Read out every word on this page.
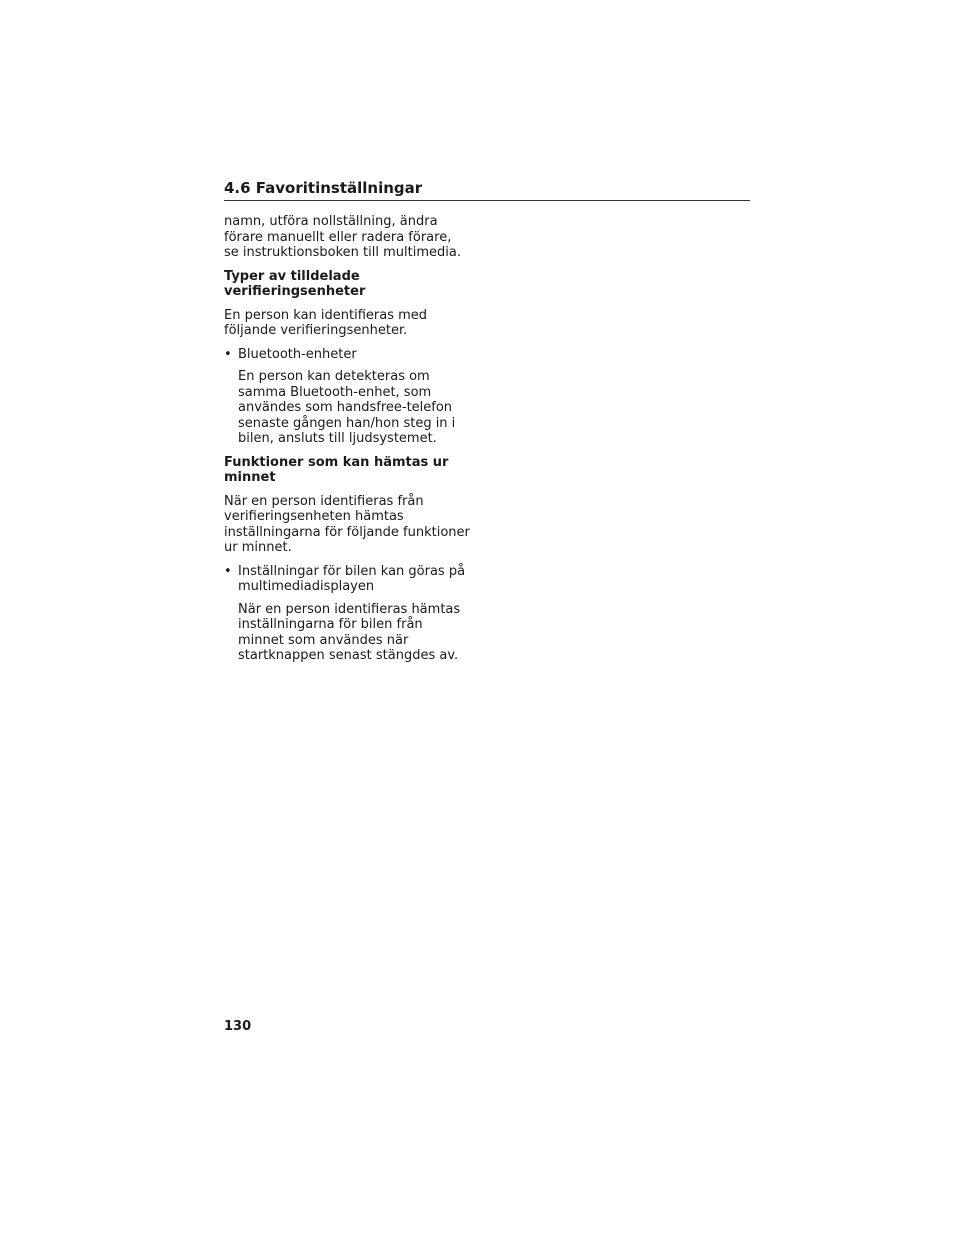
4.6 Favoritinställningar

namn, utföra nollställning, ändra förare manuellt eller radera förare, se instruktionsboken till multimedia.

Typer av tilldelade verifieringsenheter

En person kan identifieras med följande verifieringsenheter.

• Bluetooth-enheter

En person kan detekteras om samma Bluetooth-enhet, som användes som handsfree-telefon senaste gången han/hon steg in i bilen, ansluts till ljudsystemet.

Funktioner som kan hämtas ur minnet

När en person identifieras från verifieringsenheten hämtas inställningarna för följande funktioner ur minnet.

• Inställningar för bilen kan göras på multimediadisplayen

När en person identifieras hämtas inställningarna för bilen från minnet som användes när startknappen senast stängdes av.

130
